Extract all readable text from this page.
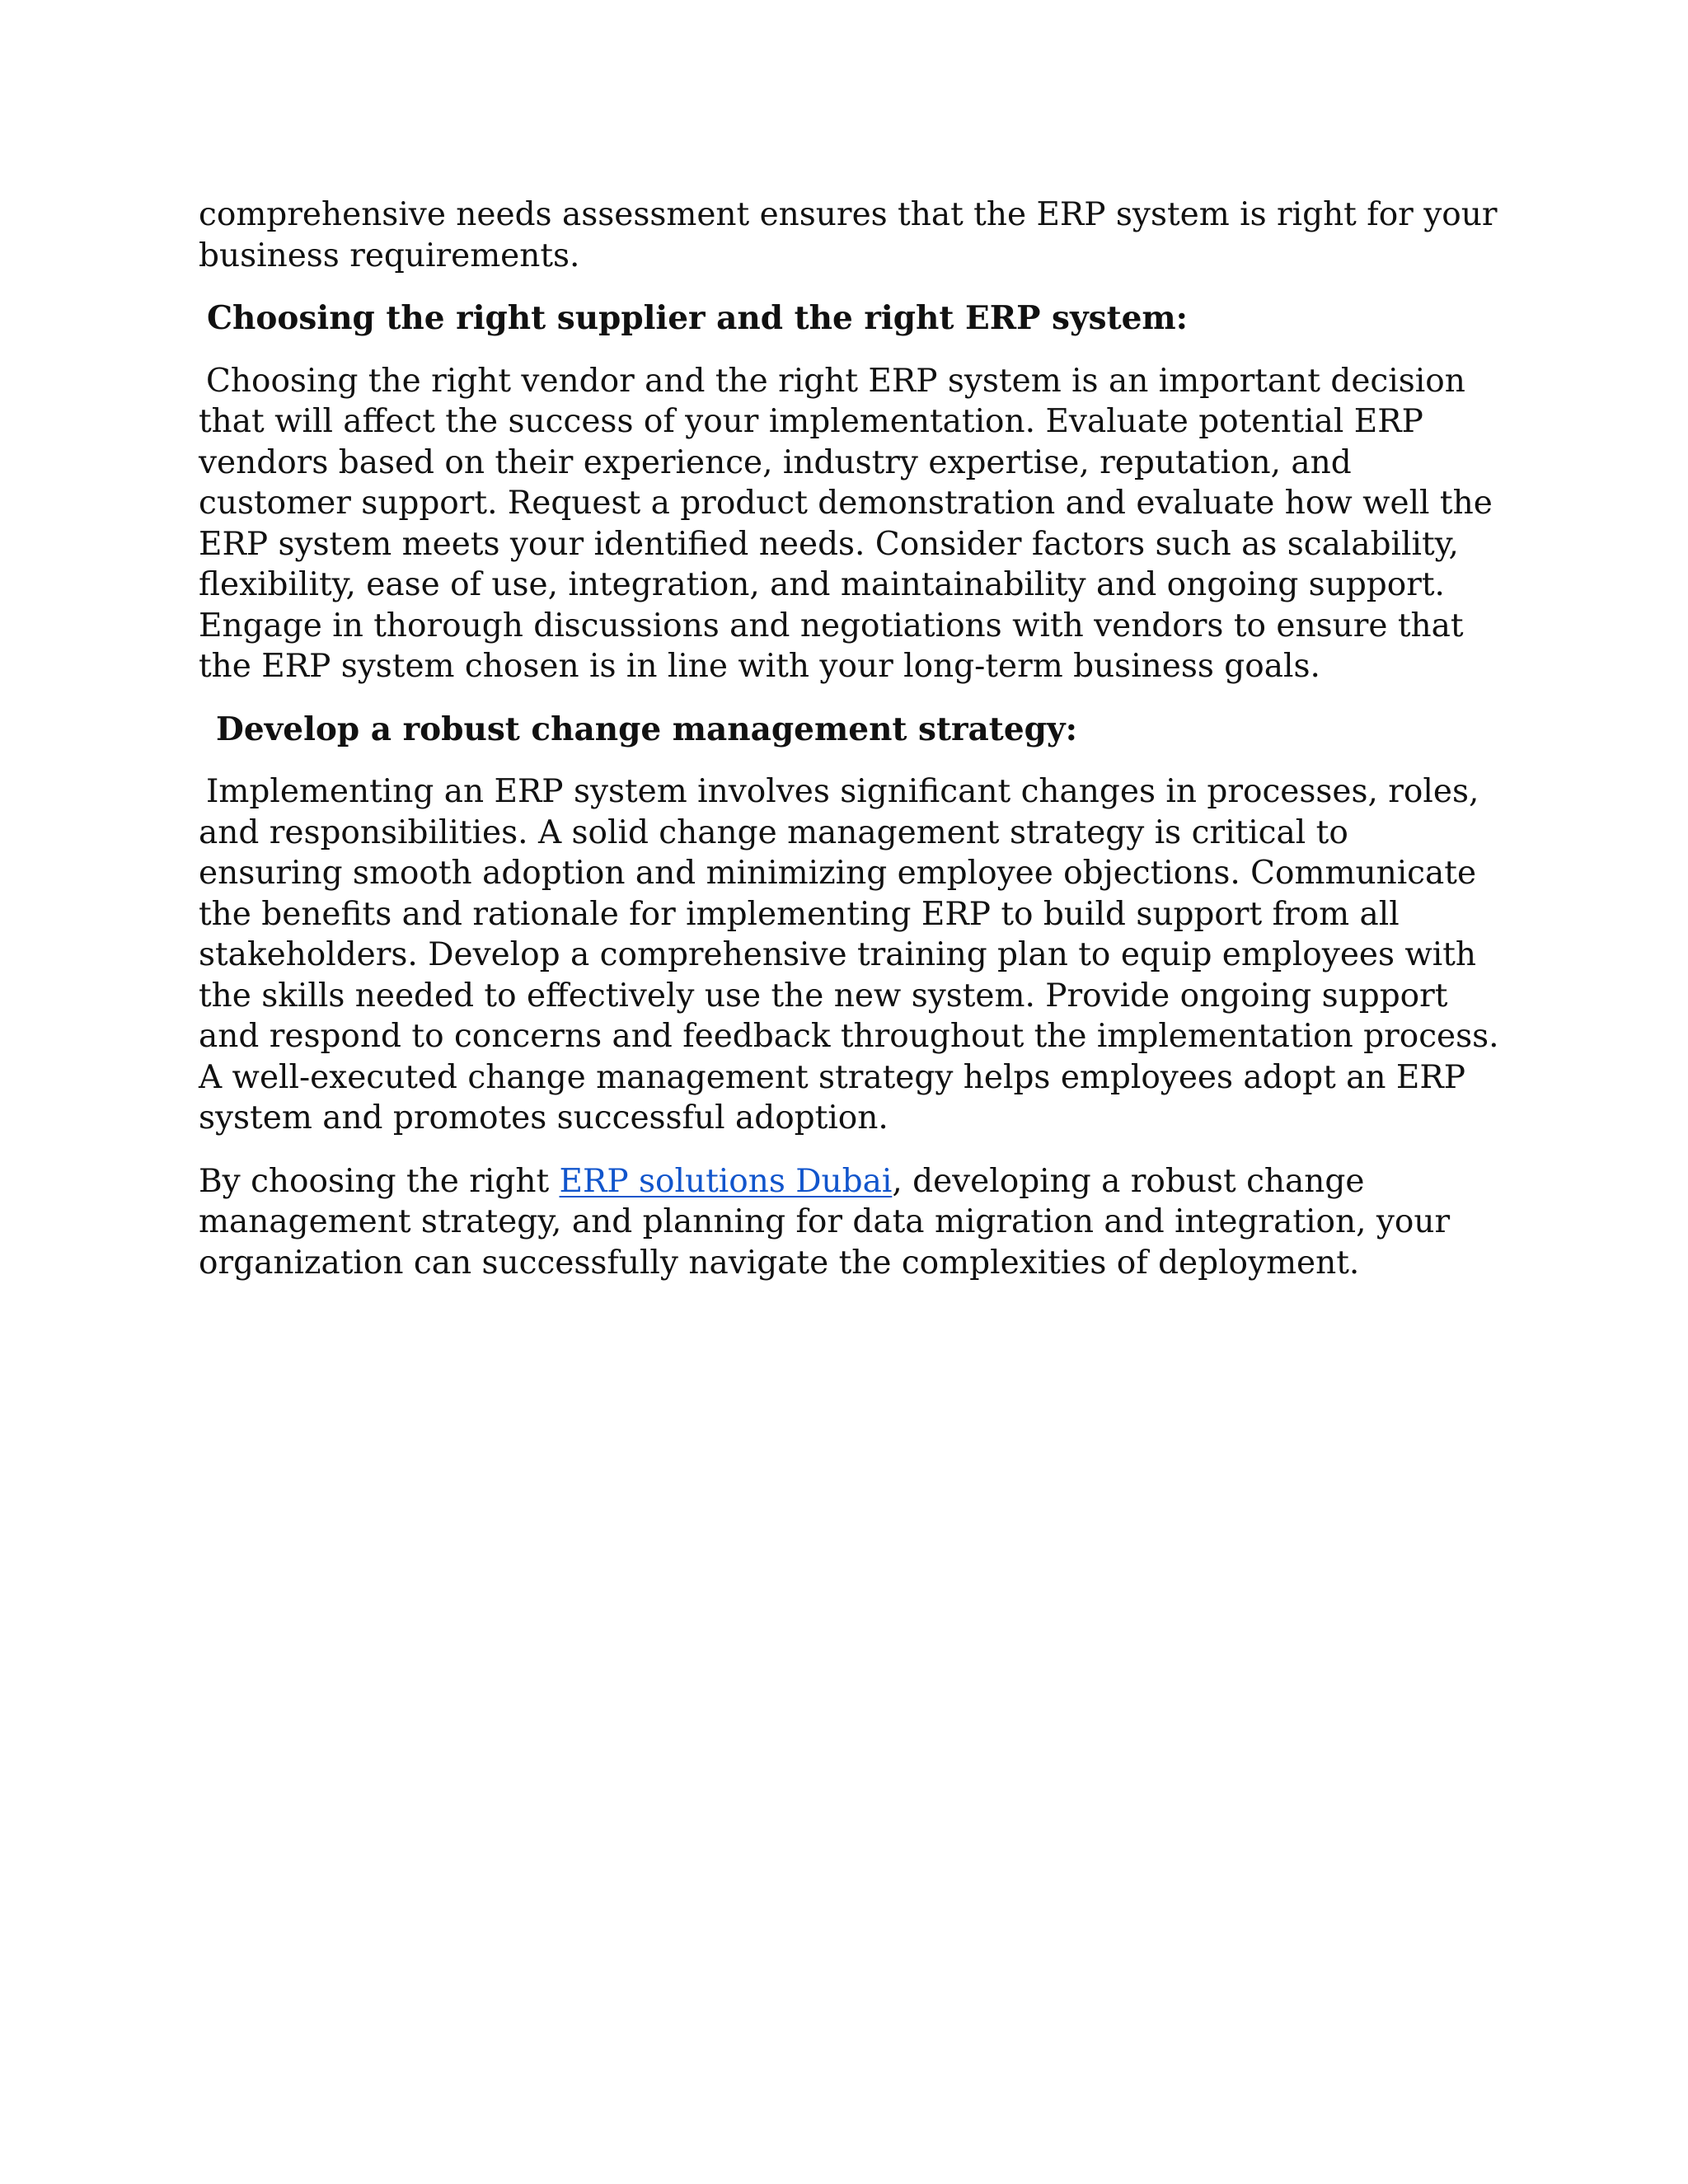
comprehensive needs assessment ensures that the ERP system is right for your business requirements.

Choosing the right supplier and the right ERP system:

Choosing the right vendor and the right ERP system is an important decision that will affect the success of your implementation. Evaluate potential ERP vendors based on their experience, industry expertise, reputation, and customer support. Request a product demonstration and evaluate how well the ERP system meets your identified needs. Consider factors such as scalability, flexibility, ease of use, integration, and maintainability and ongoing support. Engage in thorough discussions and negotiations with vendors to ensure that the ERP system chosen is in line with your long-term business goals.

Develop a robust change management strategy:

Implementing an ERP system involves significant changes in processes, roles, and responsibilities. A solid change management strategy is critical to ensuring smooth adoption and minimizing employee objections. Communicate the benefits and rationale for implementing ERP to build support from all stakeholders. Develop a comprehensive training plan to equip employees with the skills needed to effectively use the new system. Provide ongoing support and respond to concerns and feedback throughout the implementation process. A well-executed change management strategy helps employees adopt an ERP system and promotes successful adoption.

By choosing the right ERP solutions Dubai, developing a robust change management strategy, and planning for data migration and integration, your organization can successfully navigate the complexities of deployment.
